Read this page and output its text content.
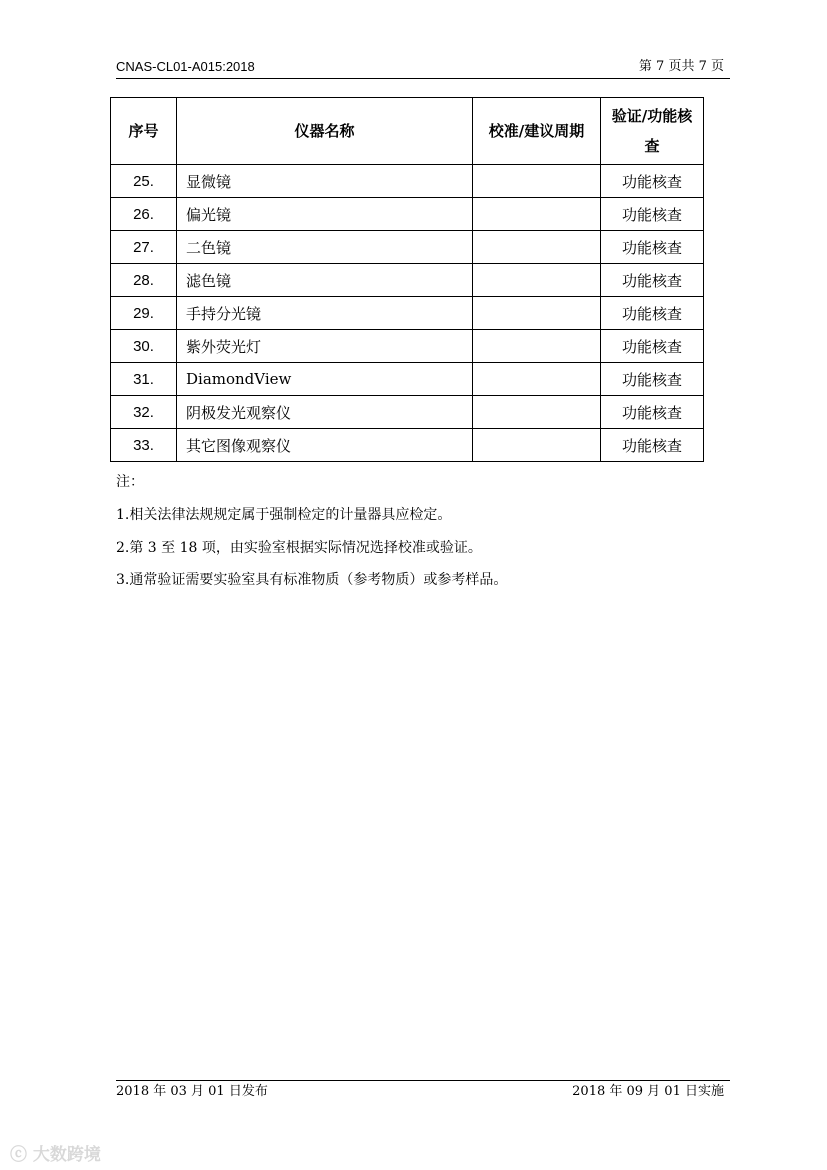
CNAS-CL01-A015:2018	第 7 页共 7 页
序号	仪器名称	校准/建议周期	验证/功能核查
25.	显微镜		功能核查
26.	偏光镜		功能核查
27.	二色镜		功能核查
28.	滤色镜		功能核查
29.	手持分光镜		功能核查
30.	紫外荧光灯		功能核查
31.	DiamondView		功能核查
32.	阴极发光观察仪		功能核查
33.	其它图像观察仪		功能核查
注：
1.相关法律法规规定属于强制检定的计量器具应检定。
2.第 3 至 18 项，由实验室根据实际情况选择校准或验证。
3.通常验证需要实验室具有标准物质（参考物质）或参考样品。
2018 年 03 月 01 日发布	2018 年 09 月 01 日实施
ⓒ 大数跨境
